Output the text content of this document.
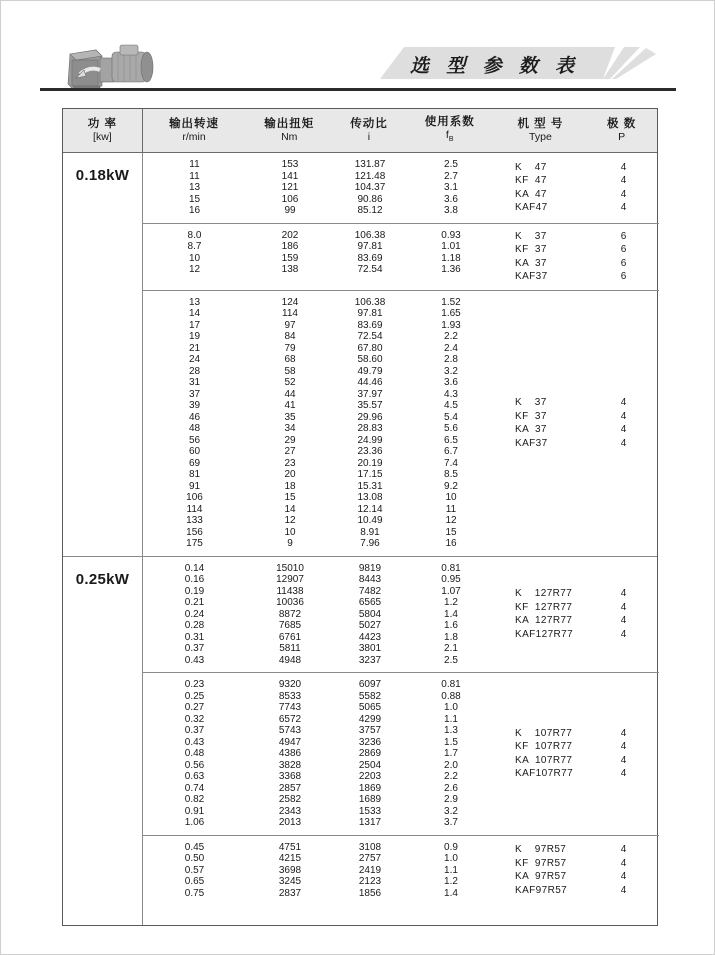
选 型 参 数 表
功 率
[kw]
输出转速
r/min
输出扭矩
Nm
传动比
i
使用系数
$f_B$
机 型 号
Type
极 数
P
0.18kW
11
11
13
15
16
153
141
121
106
99
131.87
121.48
104.37
90.86
85.12
2.5
2.7
3.1
3.6
3.8
K    47
KF  47
KA  47
KAF47
4
4
4
4
8.0
8.7
10
12
202
186
159
138
106.38
97.81
83.69
72.54
0.93
1.01
1.18
1.36
K    37
KF  37
KA  37
KAF37
6
6
6
6
13
14
17
19
21
24
28
31
37
39
46
48
56
60
69
81
91
106
114
133
156
175
124
114
97
84
79
68
58
52
44
41
35
34
29
27
23
20
18
15
14
12
10
9
106.38
97.81
83.69
72.54
67.80
58.60
49.79
44.46
37.97
35.57
29.96
28.83
24.99
23.36
20.19
17.15
15.31
13.08
12.14
10.49
8.91
7.96
1.52
1.65
1.93
2.2
2.4
2.8
3.2
3.6
4.3
4.5
5.4
5.6
6.5
6.7
7.4
8.5
9.2
10
11
12
15
16
K    37
KF  37
KA  37
KAF37
4
4
4
4
0.25kW
0.14
0.16
0.19
0.21
0.24
0.28
0.31
0.37
0.43
15010
12907
11438
10036
8872
7685
6761
5811
4948
9819
8443
7482
6565
5804
5027
4423
3801
3237
0.81
0.95
1.07
1.2
1.4
1.6
1.8
2.1
2.5
K    127R77
KF  127R77
KA  127R77
KAF127R77
4
4
4
4
0.23
0.25
0.27
0.32
0.37
0.43
0.48
0.56
0.63
0.74
0.82
0.91
1.06
9320
8533
7743
6572
5743
4947
4386
3828
3368
2857
2582
2343
2013
6097
5582
5065
4299
3757
3236
2869
2504
2203
1869
1689
1533
1317
0.81
0.88
1.0
1.1
1.3
1.5
1.7
2.0
2.2
2.6
2.9
3.2
3.7
K    107R77
KF  107R77
KA  107R77
KAF107R77
4
4
4
4
0.45
0.50
0.57
0.65
0.75
4751
4215
3698
3245
2837
3108
2757
2419
2123
1856
0.9
1.0
1.1
1.2
1.4
K    97R57
KF  97R57
KA  97R57
KAF97R57
4
4
4
4
